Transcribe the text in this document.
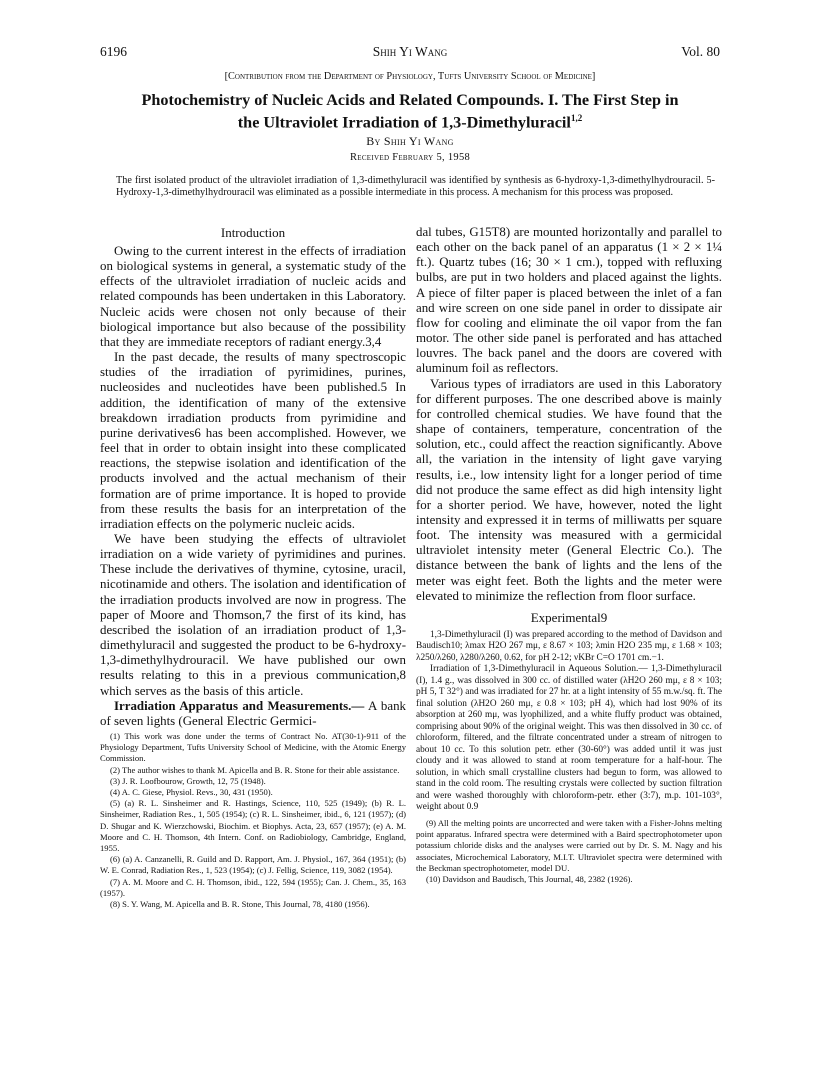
6196	Shih Yi Wang	Vol. 80
[Contribution from the Department of Physiology, Tufts University School of Medicine]
Photochemistry of Nucleic Acids and Related Compounds. I. The First Step in
the Ultraviolet Irradiation of 1,3-Dimethyluracil$^{1,2}$
By Shih Yi Wang
Received February 5, 1958
The first isolated product of the ultraviolet irradiation of 1,3-dimethyluracil was identified by synthesis as 6-hydroxy-1,3-dimethylhydrouracil. 5-Hydroxy-1,3-dimethylhydrouracil was eliminated as a possible intermediate in this process. A mechanism for this process was proposed.
Introduction

Owing to the current interest in the effects of irradiation on biological systems in general, a systematic study of the effects of the ultraviolet irradiation of nucleic acids and related compounds has been undertaken in this Laboratory. Nucleic acids were chosen not only because of their biological importance but also because of the possibility that they are immediate receptors of radiant energy.3,4

In the past decade, the results of many spectroscopic studies of the irradiation of pyrimidines, purines, nucleosides and nucleotides have been published.5 In addition, the identification of many of the extensive breakdown irradiation products from pyrimidine and purine derivatives6 has been accomplished. However, we feel that in order to obtain insight into these complicated reactions, the stepwise isolation and identification of the products involved and the actual mechanism of their formation are of prime importance. It is hoped to provide from these results the basis for an interpretation of the irradiation effects on the polymeric nucleic acids.

We have been studying the effects of ultraviolet irradiation on a wide variety of pyrimidines and purines. These include the derivatives of thymine, cytosine, uracil, nicotinamide and others. The isolation and identification of the irradiation products involved are now in progress. The paper of Moore and Thomson,7 the first of its kind, has described the isolation of an irradiation product of 1,3-dimethyluracil and suggested the product to be 6-hydroxy-1,3-dimethylhydrouracil. We have published our own results relating to this in a previous communication,8 which serves as the basis of this article.

Irradiation Apparatus and Measurements.— A bank of seven lights (General Electric Germici-

(1) This work was done under the terms of Contract No. AT(30-1)-911 of the Physiology Department, Tufts University School of Medicine, with the Atomic Energy Commission.

(2) The author wishes to thank M. Apicella and B. R. Stone for their able assistance.

(3) J. R. Loofbourow, Growth, 12, 75 (1948).

(4) A. C. Giese, Physiol. Revs., 30, 431 (1950).

(5) (a) R. L. Sinsheimer and R. Hastings, Science, 110, 525 (1949); (b) R. L. Sinsheimer, Radiation Res., 1, 505 (1954); (c) R. L. Sinsheimer, ibid., 6, 121 (1957); (d) D. Shugar and K. Wierzchowski, Biochim. et Biophys. Acta, 23, 657 (1957); (e) A. M. Moore and C. H. Thomson, 4th Intern. Conf. on Radiobiology, Cambridge, England, 1955.

(6) (a) A. Canzanelli, R. Guild and D. Rapport, Am. J. Physiol., 167, 364 (1951); (b) W. E. Conrad, Radiation Res., 1, 523 (1954); (c) J. Fellig, Science, 119, 3082 (1954).

(7) A. M. Moore and C. H. Thomson, ibid., 122, 594 (1955); Can. J. Chem., 35, 163 (1957).

(8) S. Y. Wang, M. Apicella and B. R. Stone, This Journal, 78, 4180 (1956).

dal tubes, G15T8) are mounted horizontally and parallel to each other on the back panel of an apparatus (1 × 2 × 1¼ ft.). Quartz tubes (16; 30 × 1 cm.), topped with refluxing bulbs, are put in two holders and placed against the lights. A piece of filter paper is placed between the inlet of a fan and wire screen on one side panel in order to dissipate air flow for cooling and eliminate the oil vapor from the fan motor. The other side panel is perforated and has attached louvres. The back panel and the doors are covered with aluminum foil as reflectors.

Various types of irradiators are used in this Laboratory for different purposes. The one described above is mainly for controlled chemical studies. We have found that the shape of containers, temperature, concentration of the solution, etc., could affect the reaction significantly. Above all, the variation in the intensity of light gave varying results, i.e., low intensity light for a longer period of time did not produce the same effect as did high intensity light for a shorter period. We have, however, noted the light intensity and expressed it in terms of milliwatts per square foot. The intensity was measured with a germicidal ultraviolet intensity meter (General Electric Co.). The distance between the bank of lights and the lens of the meter was eight feet. Both the lights and the meter were elevated to minimize the reflection from floor surface.

Experimental9

1,3-Dimethyluracil (I) was prepared according to the method of Davidson and Baudisch10; λmax H2O 267 mμ, ε 8.67 × 103; λmin H2O 235 mμ, ε 1.68 × 103; λ250/λ260, λ280/λ260, 0.62, for pH 2-12; νKBr C=O 1701 cm.−1.

Irradiation of 1,3-Dimethyluracil in Aqueous Solution.— 1,3-Dimethyluracil (I), 1.4 g., was dissolved in 300 cc. of distilled water (λH2O 260 mμ, ε 8 × 103; pH 5, T 32°) and was irradiated for 27 hr. at a light intensity of 55 m.w./sq. ft. The final solution (λH2O 260 mμ, ε 0.8 × 103; pH 4), which had lost 90% of its absorption at 260 mμ, was lyophilized, and a white fluffy product was obtained, comprising about 90% of the original weight. This was then dissolved in 30 cc. of chloroform, filtered, and the filtrate concentrated under a stream of nitrogen to about 10 cc. To this solution petr. ether (30-60°) was added until it was just cloudy and it was allowed to stand at room temperature for a half-hour. The solution, in which small crystalline clusters had begun to form, was allowed to stand in the cold room. The resulting crystals were collected by suction filtration and were washed thoroughly with chloroform-petr. ether (3:7), m.p. 101-103°, weight about 0.9

(9) All the melting points are uncorrected and were taken with a Fisher-Johns melting point apparatus. Infrared spectra were determined with a Baird spectrophotometer upon potassium chloride disks and the analyses were carried out by Dr. S. M. Nagy and his associates, Microchemical Laboratory, M.I.T. Ultraviolet spectra were determined with the Beckman spectrophotometer, model DU.

(10) Davidson and Baudisch, This Journal, 48, 2382 (1926).
